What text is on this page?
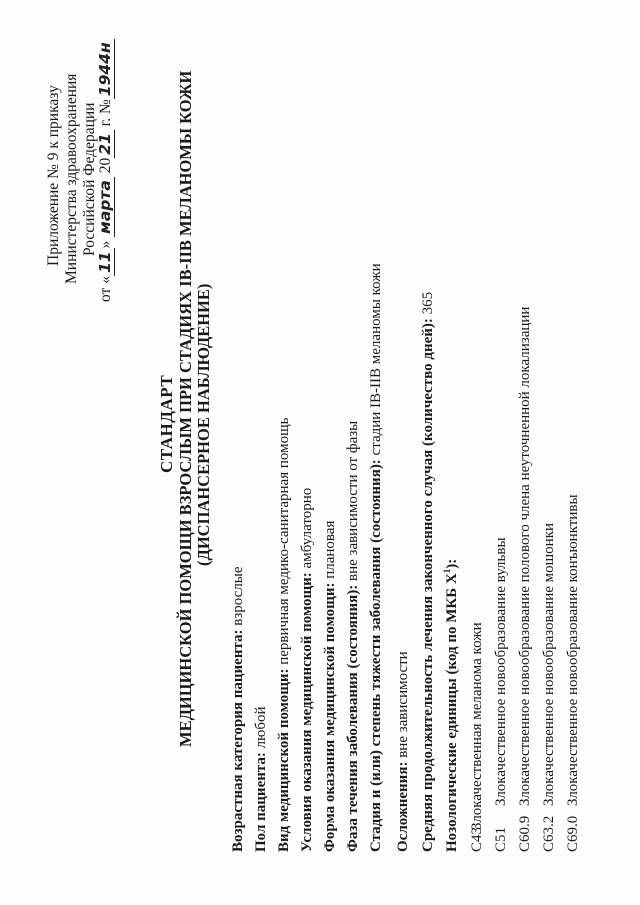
Приложение № 9 к приказу Министерства здравоохранения Российской Федерации
от «11» марта 2021 г. №1944н
СТАНДАРТ МЕДИЦИНСКОЙ ПОМОЩИ ВЗРОСЛЫМ ПРИ СТАДИЯХ IB-IIB МЕЛАНОМЫ КОЖИ (ДИСПАНСЕРНОЕ НАБЛЮДЕНИЕ)
Возрастная категория пациента: взрослые
Пол пациента: любой Вид медицинской помощи: первичная медико-санитарная помощь
Условия оказания медицинской помощи: амбулаторно
Форма оказания медицинской помощи: плановая
Фаза течения заболевания (состояния): вне зависимости от фазы Стадия и (или) степень тяжести заболевания (состояния): стадии IB-IIB меланомы кожи
Осложнения: вне зависимости Средняя продолжительность лечения законченного случая (количество дней): 365
Нозологические единицы (код по МКБ $X^1$):
C43Злокачественная меланома кожи
C51Злокачественное новообразование вульвы
C60.9Злокачественное новообразование полового члена неуточненной локализации
C63.2Злокачественное новообразование мошонки
C69.0Злокачественное новообразование конъюнктивы
